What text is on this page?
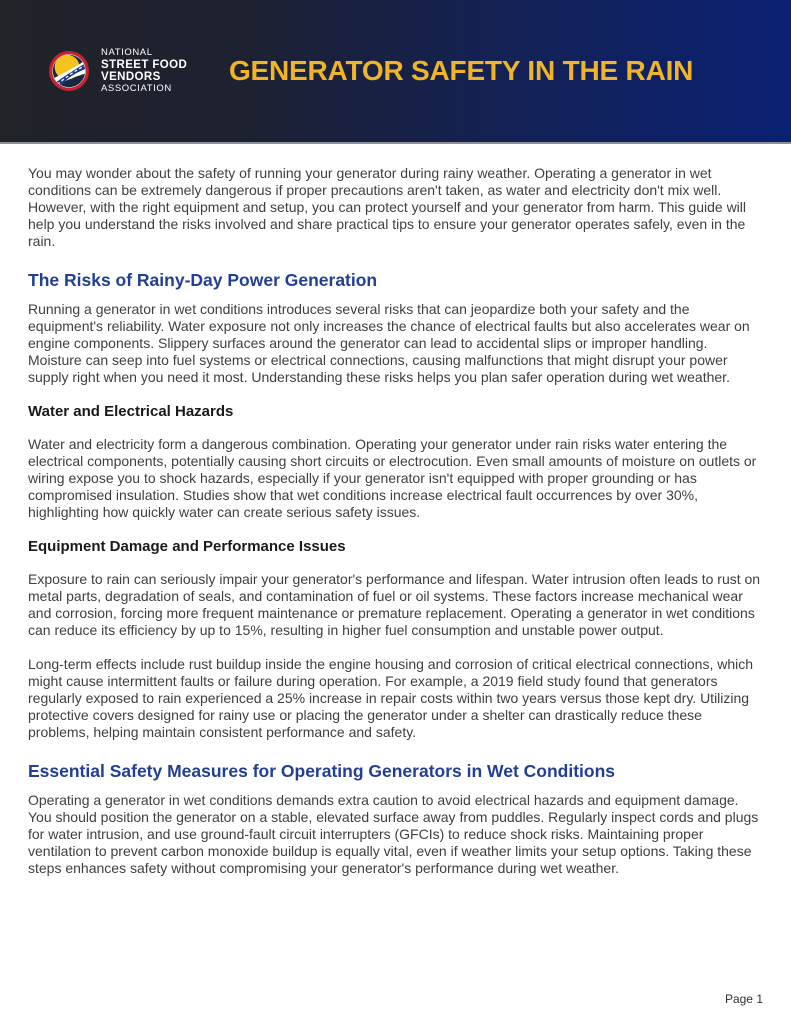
NATIONAL
STREET FOOD
VENDORS
ASSOCIATION
GENERATOR SAFETY IN THE RAIN

You may wonder about the safety of running your generator during rainy weather. Operating a generator in wet conditions can be extremely dangerous if proper precautions aren't taken, as water and electricity don't mix well. However, with the right equipment and setup, you can protect yourself and your generator from harm. This guide will help you understand the risks involved and share practical tips to ensure your generator operates safely, even in the rain.

The Risks of Rainy-Day Power Generation

Running a generator in wet conditions introduces several risks that can jeopardize both your safety and the equipment's reliability. Water exposure not only increases the chance of electrical faults but also accelerates wear on engine components. Slippery surfaces around the generator can lead to accidental slips or improper handling. Moisture can seep into fuel systems or electrical connections, causing malfunctions that might disrupt your power supply right when you need it most. Understanding these risks helps you plan safer operation during wet weather.

Water and Electrical Hazards

Water and electricity form a dangerous combination. Operating your generator under rain risks water entering the electrical components, potentially causing short circuits or electrocution. Even small amounts of moisture on outlets or wiring expose you to shock hazards, especially if your generator isn't equipped with proper grounding or has compromised insulation. Studies show that wet conditions increase electrical fault occurrences by over 30%, highlighting how quickly water can create serious safety issues.

Equipment Damage and Performance Issues

Exposure to rain can seriously impair your generator's performance and lifespan. Water intrusion often leads to rust on metal parts, degradation of seals, and contamination of fuel or oil systems. These factors increase mechanical wear and corrosion, forcing more frequent maintenance or premature replacement. Operating a generator in wet conditions can reduce its efficiency by up to 15%, resulting in higher fuel consumption and unstable power output.

Long-term effects include rust buildup inside the engine housing and corrosion of critical electrical connections, which might cause intermittent faults or failure during operation. For example, a 2019 field study found that generators regularly exposed to rain experienced a 25% increase in repair costs within two years versus those kept dry. Utilizing protective covers designed for rainy use or placing the generator under a shelter can drastically reduce these problems, helping maintain consistent performance and safety.

Essential Safety Measures for Operating Generators in Wet Conditions

Operating a generator in wet conditions demands extra caution to avoid electrical hazards and equipment damage. You should position the generator on a stable, elevated surface away from puddles. Regularly inspect cords and plugs for water intrusion, and use ground-fault circuit interrupters (GFCIs) to reduce shock risks. Maintaining proper ventilation to prevent carbon monoxide buildup is equally vital, even if weather limits your setup options. Taking these steps enhances safety without compromising your generator's performance during wet weather.

Page 1
